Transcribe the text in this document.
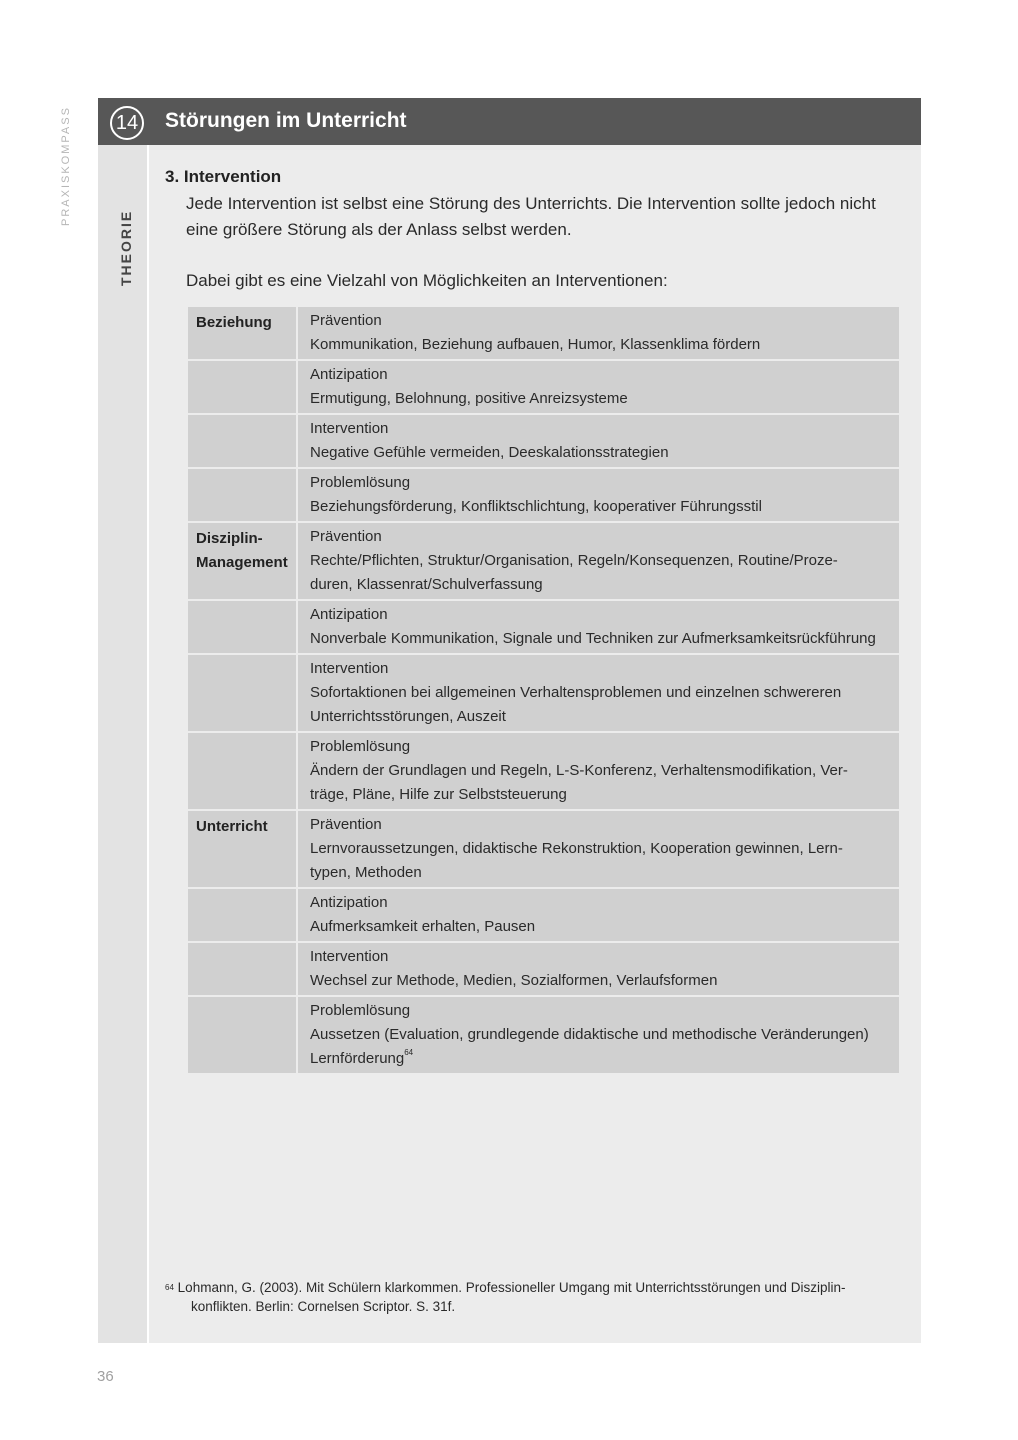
PRAXISKOMPASS 14 Störungen im Unterricht
THEORIE
3. Intervention
Jede Intervention ist selbst eine Störung des Unterrichts. Die Intervention sollte jedoch nicht eine größere Störung als der Anlass selbst werden.
Dabei gibt es eine Vielzahl von Möglichkeiten an Interventionen:
Beziehung	Prävention
Kommunikation, Beziehung aufbauen, Humor, Klassenklima fördern
Antizipation
Ermutigung, Belohnung, positive Anreizsysteme
Intervention
Negative Gefühle vermeiden, Deeskalationsstrategien
Problemlösung
Beziehungsförderung, Konfliktschlichtung, kooperativer Führungsstil
Disziplin-
Management
Prävention
Rechte/Pflichten, Struktur/Organisation, Regeln/Konsequenzen, Routine/Proze-
duren, Klassenrat/Schulverfassung
Antizipation
Nonverbale Kommunikation, Signale und Techniken zur Aufmerksamkeitsrückführung
Intervention
Sofortaktionen bei allgemeinen Verhaltensproblemen und einzelnen schwereren
Unterrichtsstörungen, Auszeit
Problemlösung
Ändern der Grundlagen und Regeln, L-S-Konferenz, Verhaltensmodifikation, Ver-
träge, Pläne, Hilfe zur Selbststeuerung
Unterricht	Prävention
Lernvoraussetzungen, didaktische Rekonstruktion, Kooperation gewinnen, Lern-
typen, Methoden
Antizipation
Aufmerksamkeit erhalten, Pausen
Intervention
Wechsel zur Methode, Medien, Sozialformen, Verlaufsformen
Problemlösung
Aussetzen (Evaluation, grundlegende didaktische und methodische Veränderungen)
Lernförderung$^{64}$
$^{64}$ Lohmann, G. (2003). Mit Schülern klarkommen. Professioneller Umgang mit Unterrichtsstörungen und Disziplin-
konflikten. Berlin: Cornelsen Scriptor. S. 31f.
36
